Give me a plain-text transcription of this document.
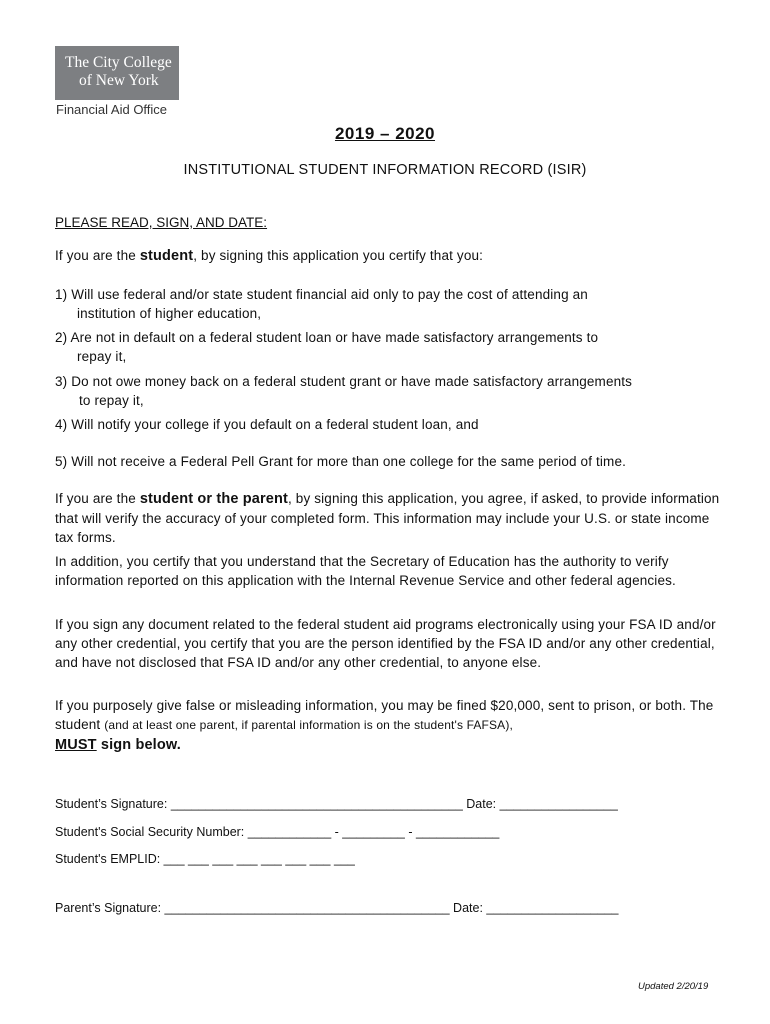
The City College
of New York
Financial Aid Office
2019 – 2020
INSTITUTIONAL STUDENT INFORMATION RECORD (ISIR)
PLEASE READ, SIGN, AND DATE:
If you are the student, by signing this application you certify that you:
1) Will use federal and/or state student financial aid only to pay the cost of attending an
institution of higher education,
2) Are not in default on a federal student loan or have made satisfactory arrangements to
repay it,
3) Do not owe money back on a federal student grant or have made satisfactory arrangements
to repay it,
4) Will notify your college if you default on a federal student loan, and
5) Will not receive a Federal Pell Grant for more than one college for the same period of time.
If you are the student or the parent, by signing this application, you agree, if asked, to provide information that will verify the accuracy of your completed form. This information may include your U.S. or state income tax forms.
In addition, you certify that you understand that the Secretary of Education has the authority to verify information reported on this application with the Internal Revenue Service and other federal agencies.
If you sign any document related to the federal student aid programs electronically using your FSA ID and/or any other credential, you certify that you are the person identified by the FSA ID and/or any other credential, and have not disclosed that FSA ID and/or any other credential, to anyone else.
If you purposely give false or misleading information, you may be fined $20,000, sent to prison, or both. The student (and at least one parent, if parental information is on the student's FAFSA),
MUST sign below.
Student’s Signature: __________________________________________ Date: _________________
Student's Social Security Number: ____________ - _________ - ____________
Student's EMPLID: ___ ___ ___ ___ ___ ___ ___ ___
Parent’s Signature: _________________________________________ Date: ___________________
Updated 2/20/19
